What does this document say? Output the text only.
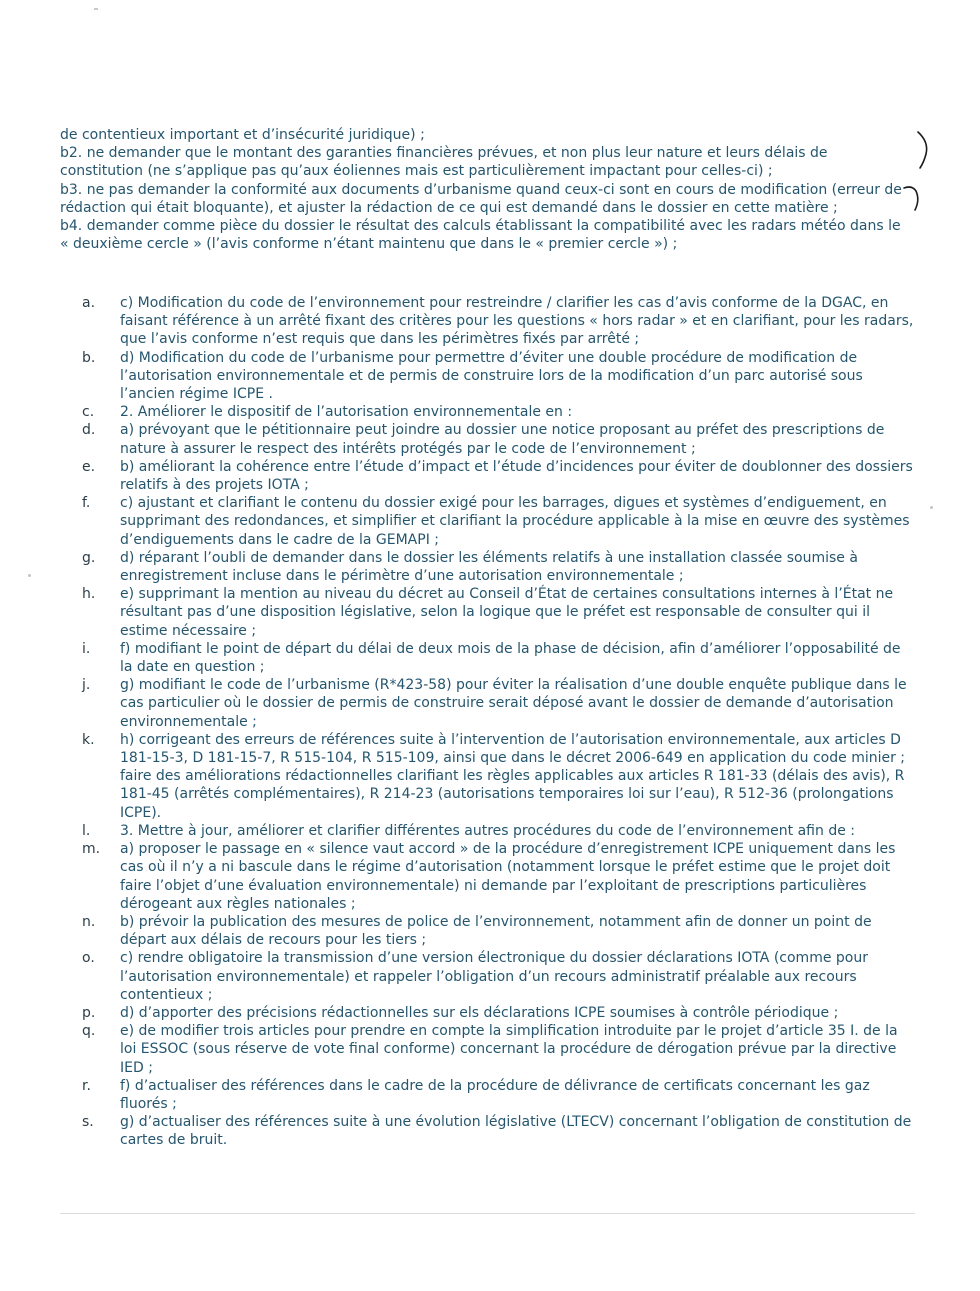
de contentieux important et d’insécurité juridique) ;

b2. ne demander que le montant des garanties financières prévues, et non plus leur nature et leurs délais de constitution (ne s’applique pas qu’aux éoliennes mais est particulièrement impactant pour celles-ci) ;

b3. ne pas demander la conformité aux documents d’urbanisme quand ceux-ci sont en cours de modification (erreur de rédaction qui était bloquante), et ajuster la rédaction de ce qui est demandé dans le dossier en cette matière ;

b4. demander comme pièce du dossier le résultat des calculs établissant la compatibilité avec les radars météo dans le « deuxième cercle » (l’avis conforme n’étant maintenu que dans le « premier cercle ») ;

a.	c) Modification du code de l’environnement pour restreindre / clarifier les cas d’avis conforme de la DGAC, en faisant référence à un arrêté fixant des critères pour les questions « hors radar » et en clarifiant, pour les radars, que l’avis conforme n’est requis que dans les périmètres fixés par arrêté ;
b.	d) Modification du code de l’urbanisme pour permettre d’éviter une double procédure de modification de l’autorisation environnementale et de permis de construire lors de la modification d’un parc autorisé sous l’ancien régime ICPE .
c.	2. Améliorer le dispositif de l’autorisation environnementale en :
d.	a) prévoyant que le pétitionnaire peut joindre au dossier une notice proposant au préfet des prescriptions de nature à assurer le respect des intérêts protégés par le code de l’environnement ;
e.	b) améliorant la cohérence entre l’étude d’impact et l’étude d’incidences pour éviter de doublonner des dossiers relatifs à des projets IOTA ;
f.	c) ajustant et clarifiant le contenu du dossier exigé pour les barrages, digues et systèmes d’endiguement, en supprimant des redondances, et simplifier et clarifiant la procédure applicable à la mise en œuvre des systèmes d’endiguements dans le cadre de la GEMAPI ;
g.	d) réparant l’oubli de demander dans le dossier les éléments relatifs à une installation classée soumise à enregistrement incluse dans le périmètre d’une autorisation environnementale ;
h.	e) supprimant la mention au niveau du décret au Conseil d’État de certaines consultations internes à l’État ne résultant pas d’une disposition législative, selon la logique que le préfet est responsable de consulter qui il estime nécessaire ;
i.	f) modifiant le point de départ du délai de deux mois de la phase de décision, afin d’améliorer l’opposabilité de la date en question ;
j.	g) modifiant le code de l’urbanisme (R*423-58) pour éviter la réalisation d’une double enquête publique dans le cas particulier où le dossier de permis de construire serait déposé avant le dossier de demande d’autorisation environnementale ;
k.	h) corrigeant des erreurs de références suite à l’intervention de l’autorisation environnementale, aux articles D 181-15-3, D 181-15-7, R 515-104, R 515-109, ainsi que dans le décret 2006-649 en application du code minier ; faire des améliorations rédactionnelles clarifiant les règles applicables aux articles R 181-33 (délais des avis), R 181-45 (arrêtés complémentaires), R 214-23 (autorisations temporaires loi sur l’eau), R 512-36 (prolongations ICPE).
l.	3. Mettre à jour, améliorer et clarifier différentes autres procédures du code de l’environnement afin de :
m.	a) proposer le passage en « silence vaut accord » de la procédure d’enregistrement ICPE uniquement dans les cas où il n’y a ni bascule dans le régime d’autorisation (notamment lorsque le préfet estime que le projet doit faire l’objet d’une évaluation environnementale) ni demande par l’exploitant de prescriptions particulières dérogeant aux règles nationales ;
n.	b) prévoir la publication des mesures de police de l’environnement, notamment afin de donner un point de départ aux délais de recours pour les tiers ;
o.	c) rendre obligatoire la transmission d’une version électronique du dossier déclarations IOTA (comme pour l’autorisation environnementale) et rappeler l’obligation d’un recours administratif préalable aux recours contentieux ;
p.	d) d’apporter des précisions rédactionnelles sur els déclarations ICPE soumises à contrôle périodique ;
q.	e) de modifier trois articles pour prendre en compte la simplification introduite par le projet d’article 35 I. de la loi ESSOC (sous réserve de vote final conforme) concernant la procédure de dérogation prévue par la directive IED ;
r.	f) d’actualiser des références dans le cadre de la procédure de délivrance de certificats concernant les gaz fluorés ;
s.	g) d’actualiser des références suite à une évolution législative (LTECV) concernant l’obligation de constitution de cartes de bruit.
